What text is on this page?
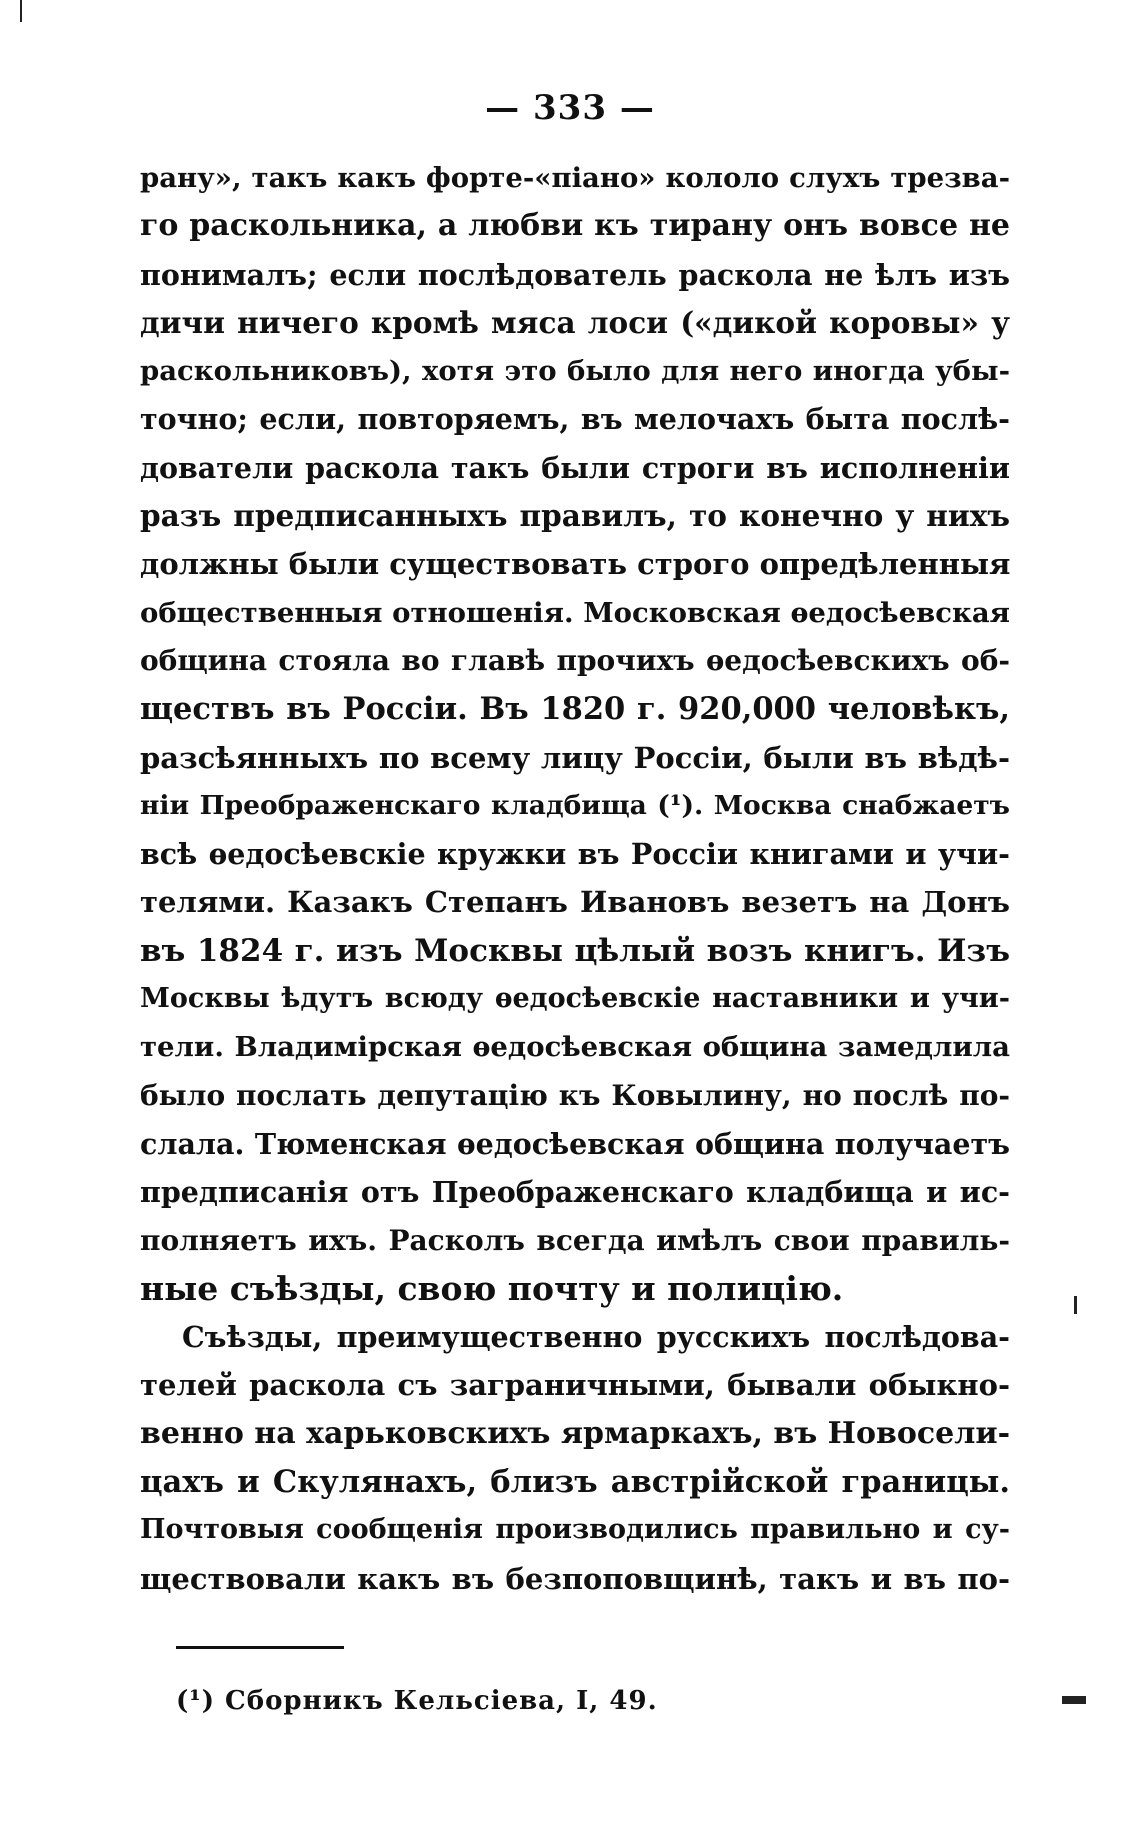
— 333 —
рану», такъ какъ форте-«піано» кололо слухъ трезва-
го раскольника, а любви къ тирану онъ вовсе не
понималъ; если послѣдователь раскола не ѣлъ изъ
дичи ничего кромѣ мяса лоси («дикой коровы» у
раскольниковъ), хотя это было для него иногда убы-
точно; если, повторяемъ, въ мелочахъ быта послѣ-
дователи раскола такъ были строги въ исполненіи
разъ предписанныхъ правилъ, то конечно у нихъ
должны были существовать строго опредѣленныя
общественныя отношенія. Московская ѳедосѣевская
община стояла во главѣ прочихъ ѳедосѣевскихъ об-
ществъ въ Россіи. Въ 1820 г. 920,000 человѣкъ,
разсѣянныхъ по всему лицу Россіи, были въ вѣдѣ-
ніи Преображенскаго кладбища (¹). Москва снабжаетъ
всѣ ѳедосѣевскіе кружки въ Россіи книгами и учи-
телями. Казакъ Степанъ Ивановъ везетъ на Донъ
въ 1824 г. изъ Москвы цѣлый возъ книгъ. Изъ
Москвы ѣдутъ всюду ѳедосѣевскіе наставники и учи-
тели. Владимірская ѳедосѣевская община замедлила
было послать депутацію къ Ковылину, но послѣ по-
слала. Тюменская ѳедосѣевская община получаетъ
предписанія отъ Преображенскаго кладбища и ис-
полняетъ ихъ. Расколъ всегда имѣлъ свои правиль-
ные съѣзды, свою почту и полицію.
Съѣзды, преимущественно русскихъ послѣдова-
телей раскола съ заграничными, бывали обыкно-
венно на харьковскихъ ярмаркахъ, въ Новосели-
цахъ и Скулянахъ, близъ австрійской границы.
Почтовыя сообщенія производились правильно и су-
ществовали какъ въ безпоповщинѣ, такъ и въ по-
(¹) Сборникъ Кельсіева, I, 49.
